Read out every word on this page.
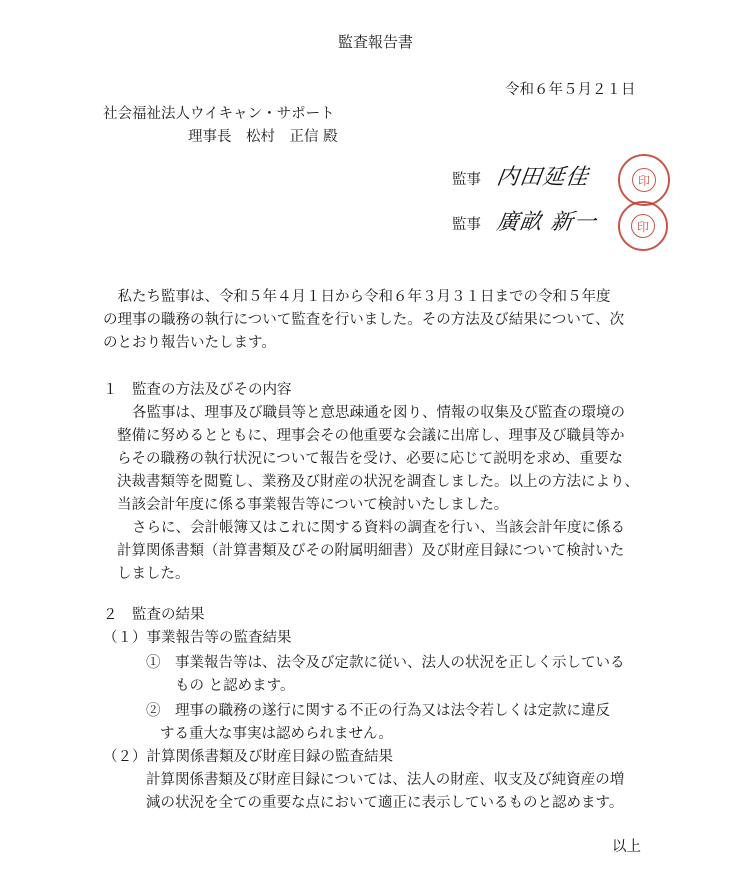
監査報告書
令和６年５月２１日
社会福祉法人ウイキャン・サポート
理事長　松村　正信 殿
監事 内田延佳	印
監事 廣畝 新一	印
　私たち監事は、令和５年４月１日から令和６年３月３１日までの令和５年度
の理事の職務の執行について監査を行いました。その方法及び結果について、次
のとおり報告いたします。
１　監査の方法及びその内容
各監事は、理事及び職員等と意思疎通を図り、情報の収集及び監査の環境の
整備に努めるとともに、理事会その他重要な会議に出席し、理事及び職員等か
らその職務の執行状況について報告を受け、必要に応じて説明を求め、重要な
決裁書類等を閲覧し、業務及び財産の状況を調査しました。以上の方法により、
当該会計年度に係る事業報告等について検討いたしました。
さらに、会計帳簿又はこれに関する資料の調査を行い、当該会計年度に係る
計算関係書類（計算書類及びその附属明細書）及び財産目録について検討いた
しました。
２　監査の結果
（１）事業報告等の監査結果
①　事業報告等は、法令及び定款に従い、法人の状況を正しく示している
もの と認めます。
②　理事の職務の遂行に関する不正の行為又は法令若しくは定款に違反
する重大な事実は認められません。
（２）計算関係書類及び財産目録の監査結果
計算関係書類及び財産目録については、法人の財産、収支及び純資産の増
減の状況を全ての重要な点において適正に表示しているものと認めます。
以上
